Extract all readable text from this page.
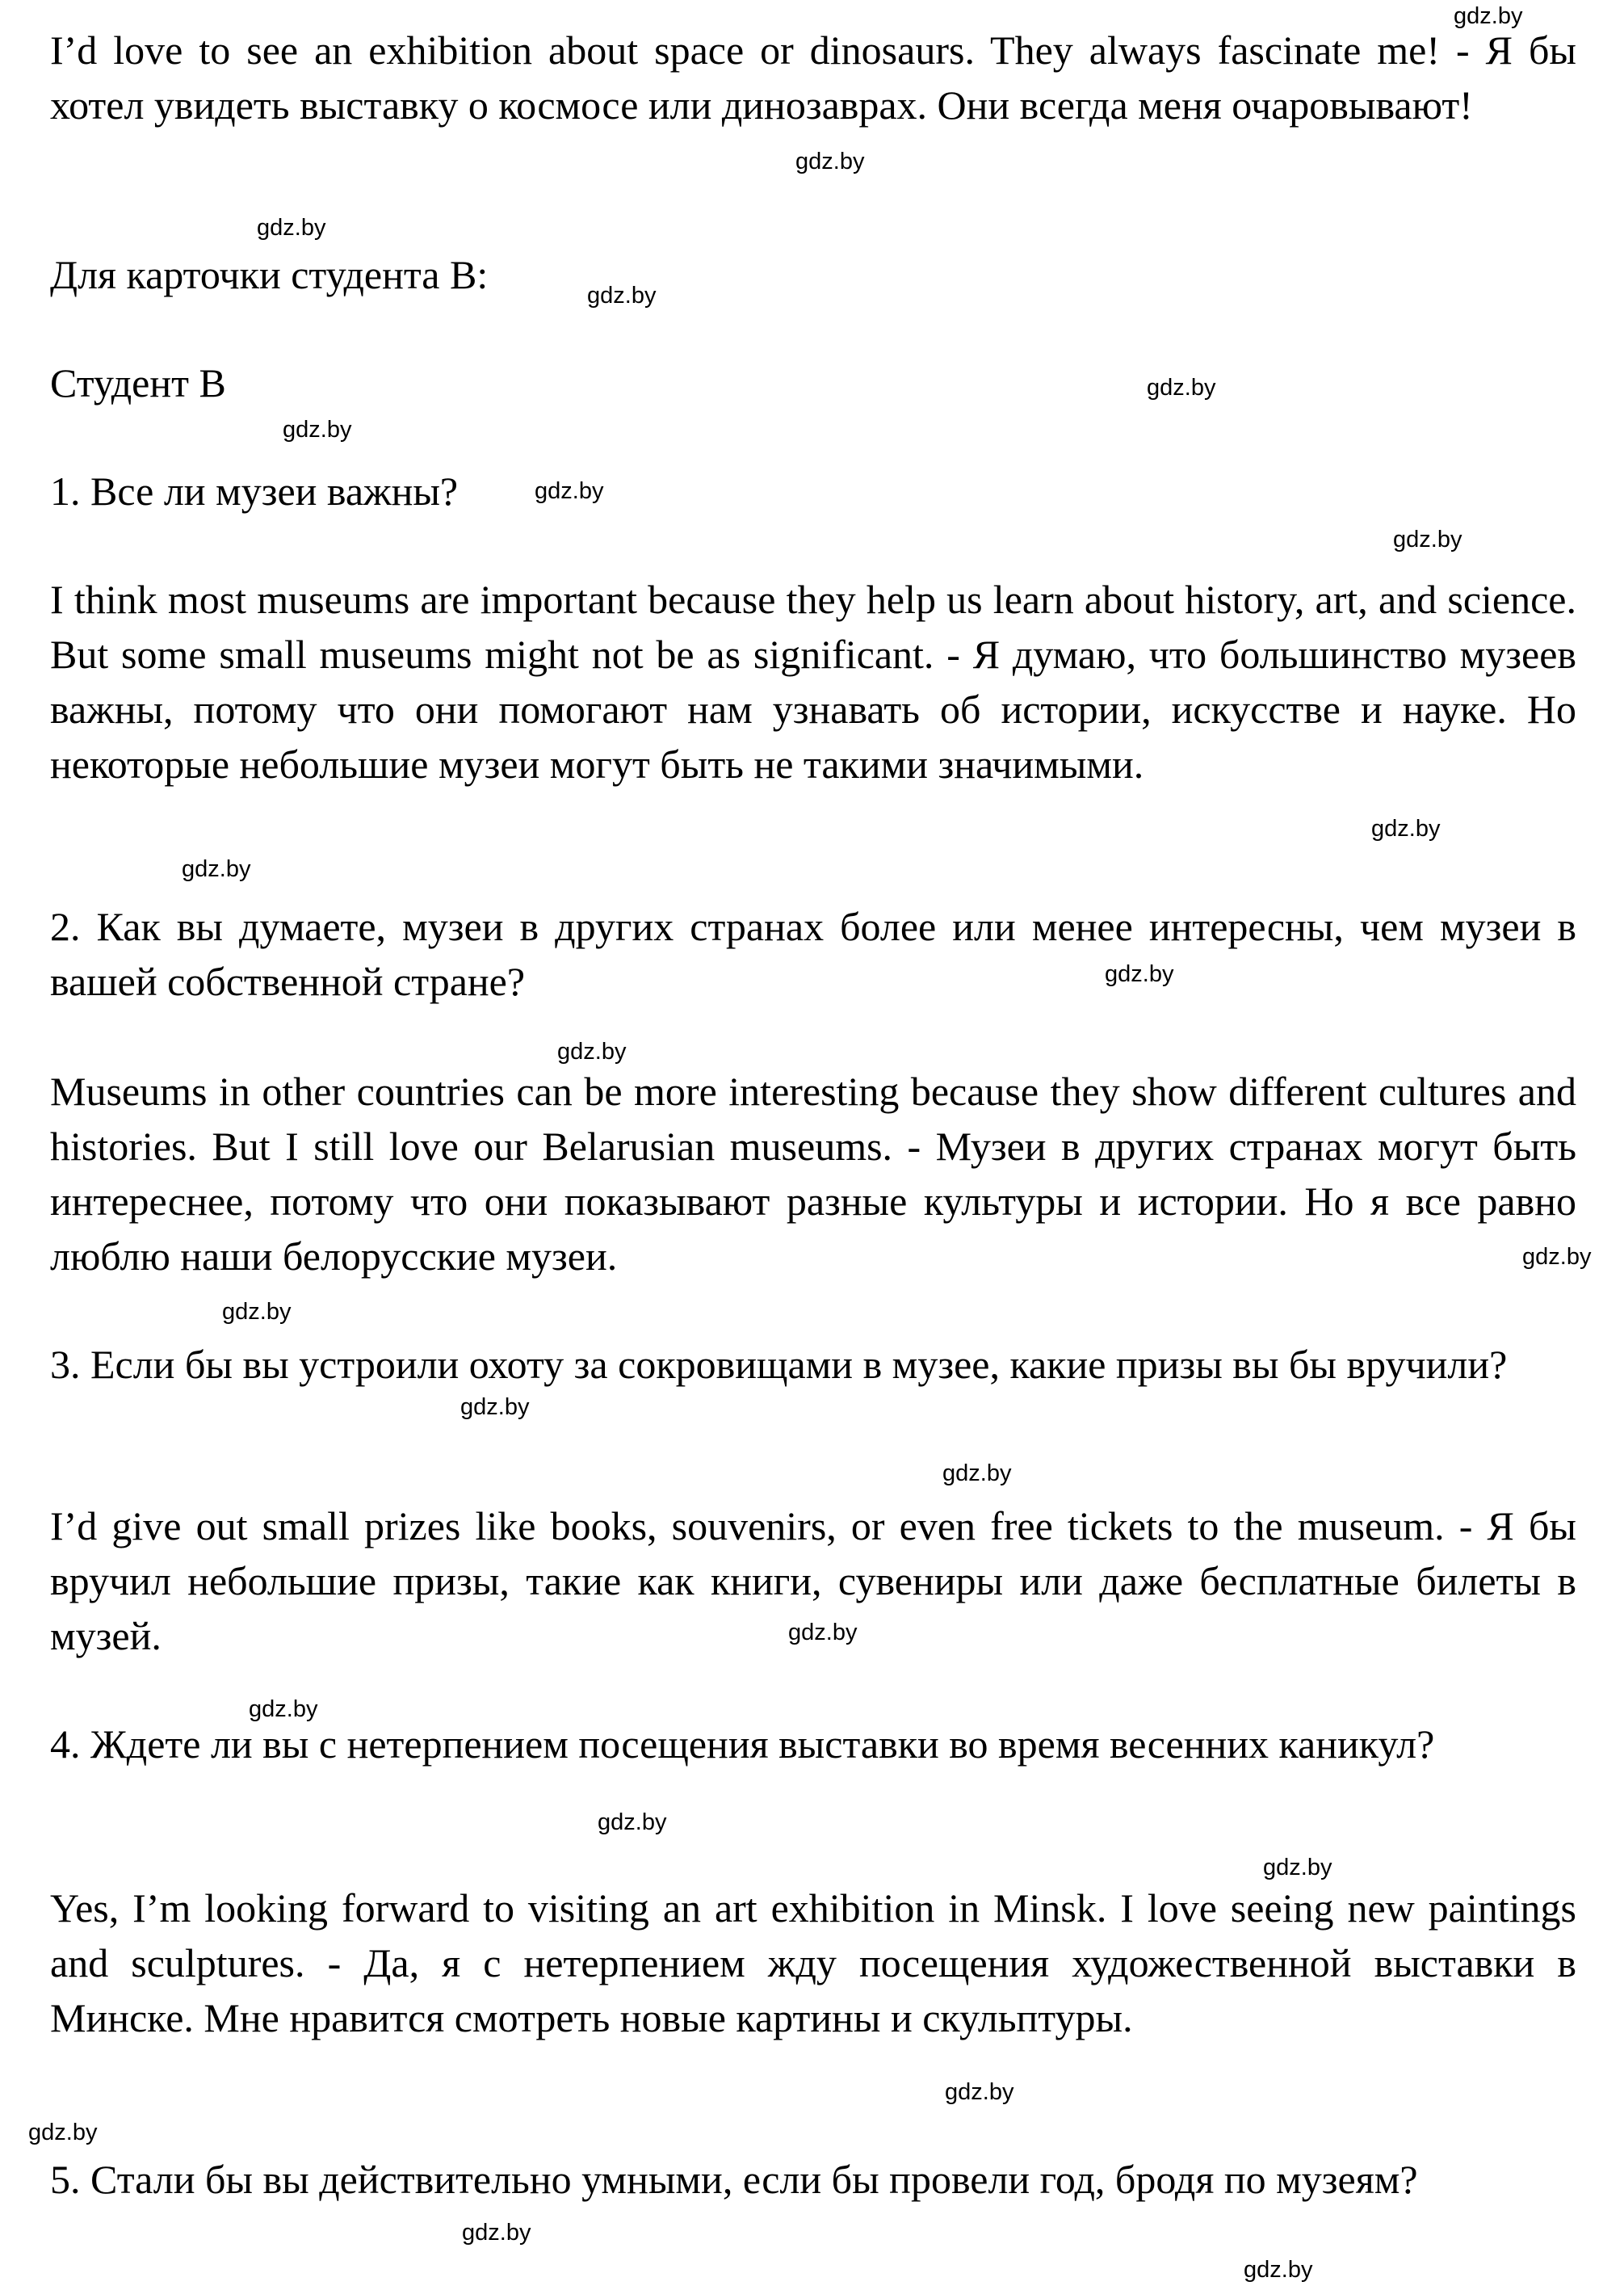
I’d love to see an exhibition about space or dinosaurs. They always fascinate me! - Я бы хотел увидеть выставку о космосе или динозаврах. Они всегда меня очаровывают!

Для карточки студента B:

Студент B

1. Все ли музеи важны?

I think most museums are important because they help us learn about history, art, and science. But some small museums might not be as significant. - Я думаю, что большинство музеев важны, потому что они помогают нам узнавать об истории, искусстве и науке. Но некоторые небольшие музеи могут быть не такими значимыми.

2. Как вы думаете, музеи в других странах более или менее интересны, чем музеи в вашей собственной стране?

Museums in other countries can be more interesting because they show different cultures and histories. But I still love our Belarusian museums. - Музеи в других странах могут быть интереснее, потому что они показывают разные культуры и истории. Но я все равно люблю наши белорусские музеи.

3. Если бы вы устроили охоту за сокровищами в музее, какие призы вы бы вручили?

I’d give out small prizes like books, souvenirs, or even free tickets to the museum. - Я бы вручил небольшие призы, такие как книги, сувениры или даже бесплатные билеты в музей.

4. Ждете ли вы с нетерпением посещения выставки во время весенних каникул?

Yes, I’m looking forward to visiting an art exhibition in Minsk. I love seeing new paintings and sculptures. - Да, я с нетерпением жду посещения художественной выставки в Минске. Мне нравится смотреть новые картины и скульптуры.

5. Стали бы вы действительно умными, если бы провели год, бродя по музеям?

gdz.by
gdz.by
gdz.by
gdz.by
gdz.by
gdz.by
gdz.by
gdz.by
gdz.by
gdz.by
gdz.by
gdz.by
gdz.by
gdz.by
gdz.by
gdz.by
gdz.by
gdz.by
gdz.by
gdz.by
gdz.by
gdz.by
gdz.by
gdz.by
